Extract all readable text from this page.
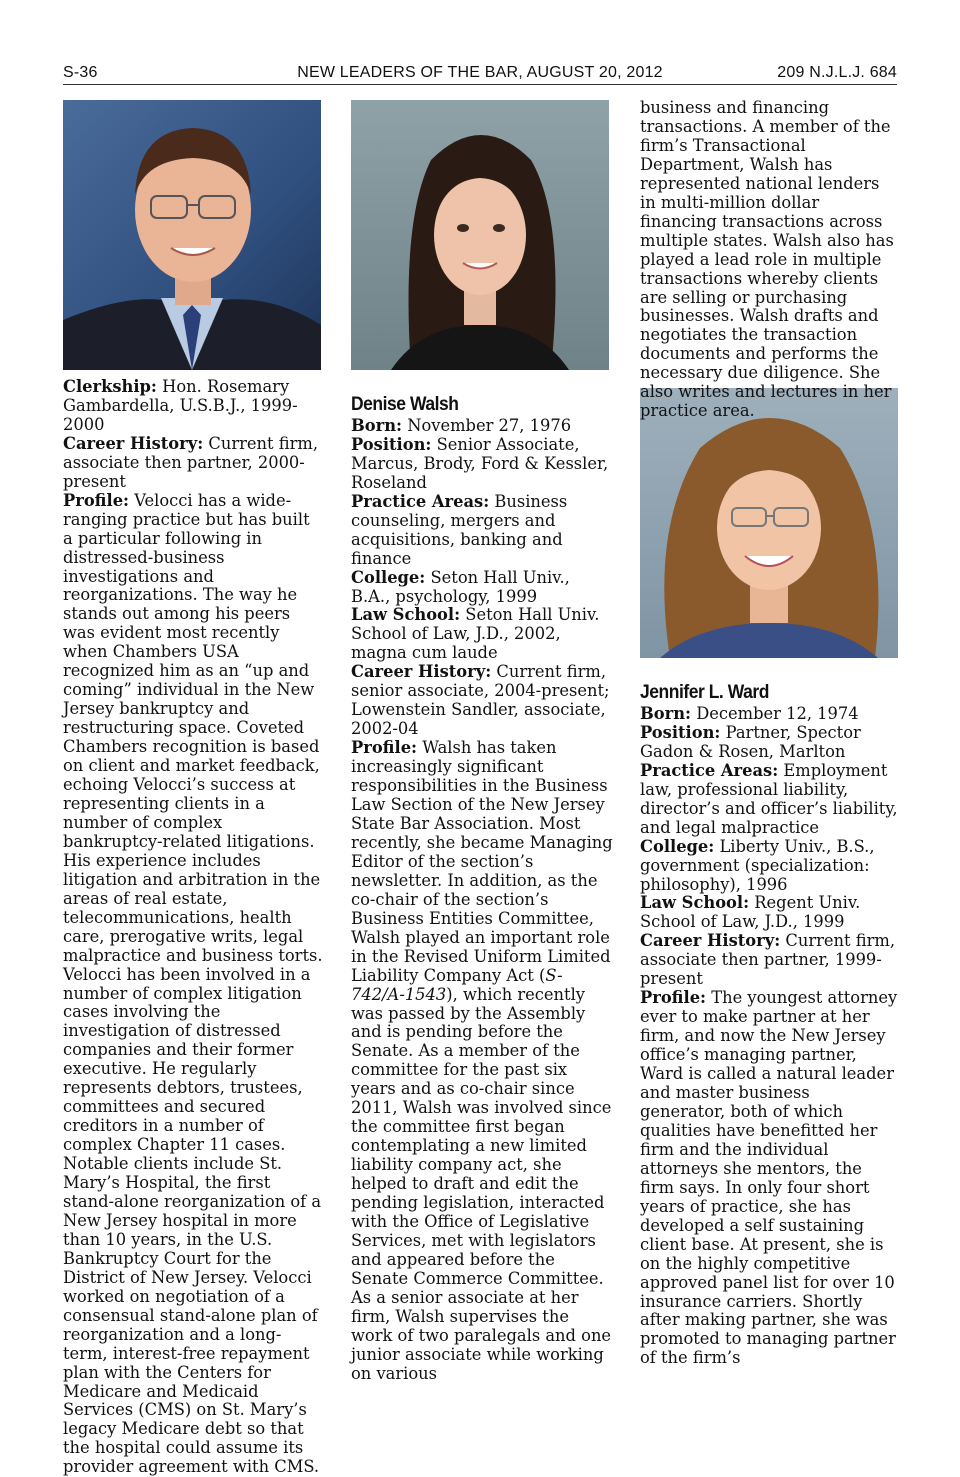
S-36	NEW LEADERS OF THE BAR, AUGUST 20, 2012	209 N.J.L.J. 684

Clerkship: Hon. Rosemary Gambardella, U.S.B.J., 1999-2000

Career History: Current firm, associate then partner, 2000-present

Profile: Velocci has a wide-ranging practice but has built a particular following in distressed-business investigations and reorganizations. The way he stands out among his peers was evident most recently when Chambers USA recognized him as an “up and coming” individual in the New Jersey bankruptcy and restructuring space. Coveted Chambers recognition is based on client and market feedback, echoing Velocci’s success at representing clients in a number of complex bankruptcy-related litigations. His experience includes litigation and arbitration in the areas of real estate, telecommunications, health care, prerogative writs, legal malpractice and business torts. Velocci has been involved in a number of complex litigation cases involving the investigation of distressed companies and their former executive. He regularly represents debtors, trustees, committees and secured creditors in a number of complex Chapter 11 cases. Notable clients include St. Mary’s Hospital, the first stand-alone reorganization of a New Jersey hospital in more than 10 years, in the U.S. Bankruptcy Court for the District of New Jersey. Velocci worked on negotiation of a consensual stand-alone plan of reorganization and a long-term, interest-free repayment plan with the Centers for Medicare and Medicaid Services (CMS) on St. Mary’s legacy Medicare debt so that the hospital could assume its provider agreement with CMS.

Denise Walsh

Born: November 27, 1976

Position: Senior Associate, Marcus, Brody, Ford & Kessler, Roseland

Practice Areas: Business counseling, mergers and acquisitions, banking and finance

College: Seton Hall Univ., B.A., psychology, 1999

Law School: Seton Hall Univ. School of Law, J.D., 2002, magna cum laude

Career History: Current firm, senior associate, 2004-present; Lowenstein Sandler, associate, 2002-04

Profile: Walsh has taken increasingly significant responsibilities in the Business Law Section of the New Jersey State Bar Association. Most recently, she became Managing Editor of the section’s newsletter. In addition, as the co-chair of the section’s Business Entities Committee, Walsh played an important role in the Revised Uniform Limited Liability Company Act (S-742/A-1543), which recently was passed by the Assembly and is pending before the Senate. As a member of the committee for the past six years and as co-chair since 2011, Walsh was involved since the committee first began contemplating a new limited liability company act, she helped to draft and edit the pending legislation, interacted with the Office of Legislative Services, met with legislators and appeared before the Senate Commerce Committee. As a senior associate at her firm, Walsh supervises the work of two paralegals and one junior associate while working on various

business and financing transactions. A member of the firm’s Transactional Department, Walsh has represented national lenders in multi-million dollar financing transactions across multiple states. Walsh also has played a lead role in multiple transactions whereby clients are selling or purchasing businesses. Walsh drafts and negotiates the transaction documents and performs the necessary due diligence. She also writes and lectures in her practice area.

Jennifer L. Ward

Born: December 12, 1974

Position: Partner, Spector Gadon & Rosen, Marlton

Practice Areas: Employment law, professional liability, director’s and officer’s liability, and legal malpractice

College: Liberty Univ., B.S., government (specialization: philosophy), 1996

Law School: Regent Univ. School of Law, J.D., 1999

Career History: Current firm, associate then partner, 1999-present

Profile: The youngest attorney ever to make partner at her firm, and now the New Jersey office’s managing partner, Ward is called a natural leader and master business generator, both of which qualities have benefitted her firm and the individual attorneys she mentors, the firm says. In only four short years of practice, she has developed a self sustaining client base. At present, she is on the highly competitive approved panel list for over 10 insurance carriers. Shortly after making partner, she was promoted to managing partner of the firm’s
